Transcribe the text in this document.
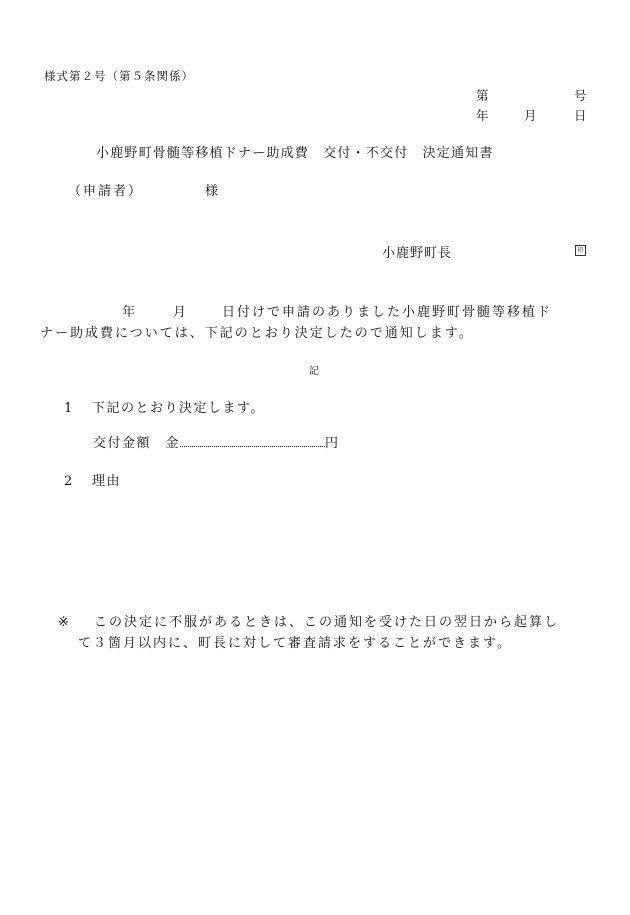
様式第２号（第５条関係）
第	号
年	月	日
小鹿野町骨髄等移植ドナー助成費　交付・不交付　決定通知書
（申請者）	様
小鹿野町長	印
年	月	日付けで申請のありました小鹿野町骨髄等移植ド
ナー助成費については、下記のとおり決定したので通知します。
記
1 下記のとおり決定します。
交付金額　金	円
2 理由
※ この決定に不服があるときは、この通知を受けた日の翌日から起算し
て３箇月以内に、町長に対して審査請求をすることができます。
